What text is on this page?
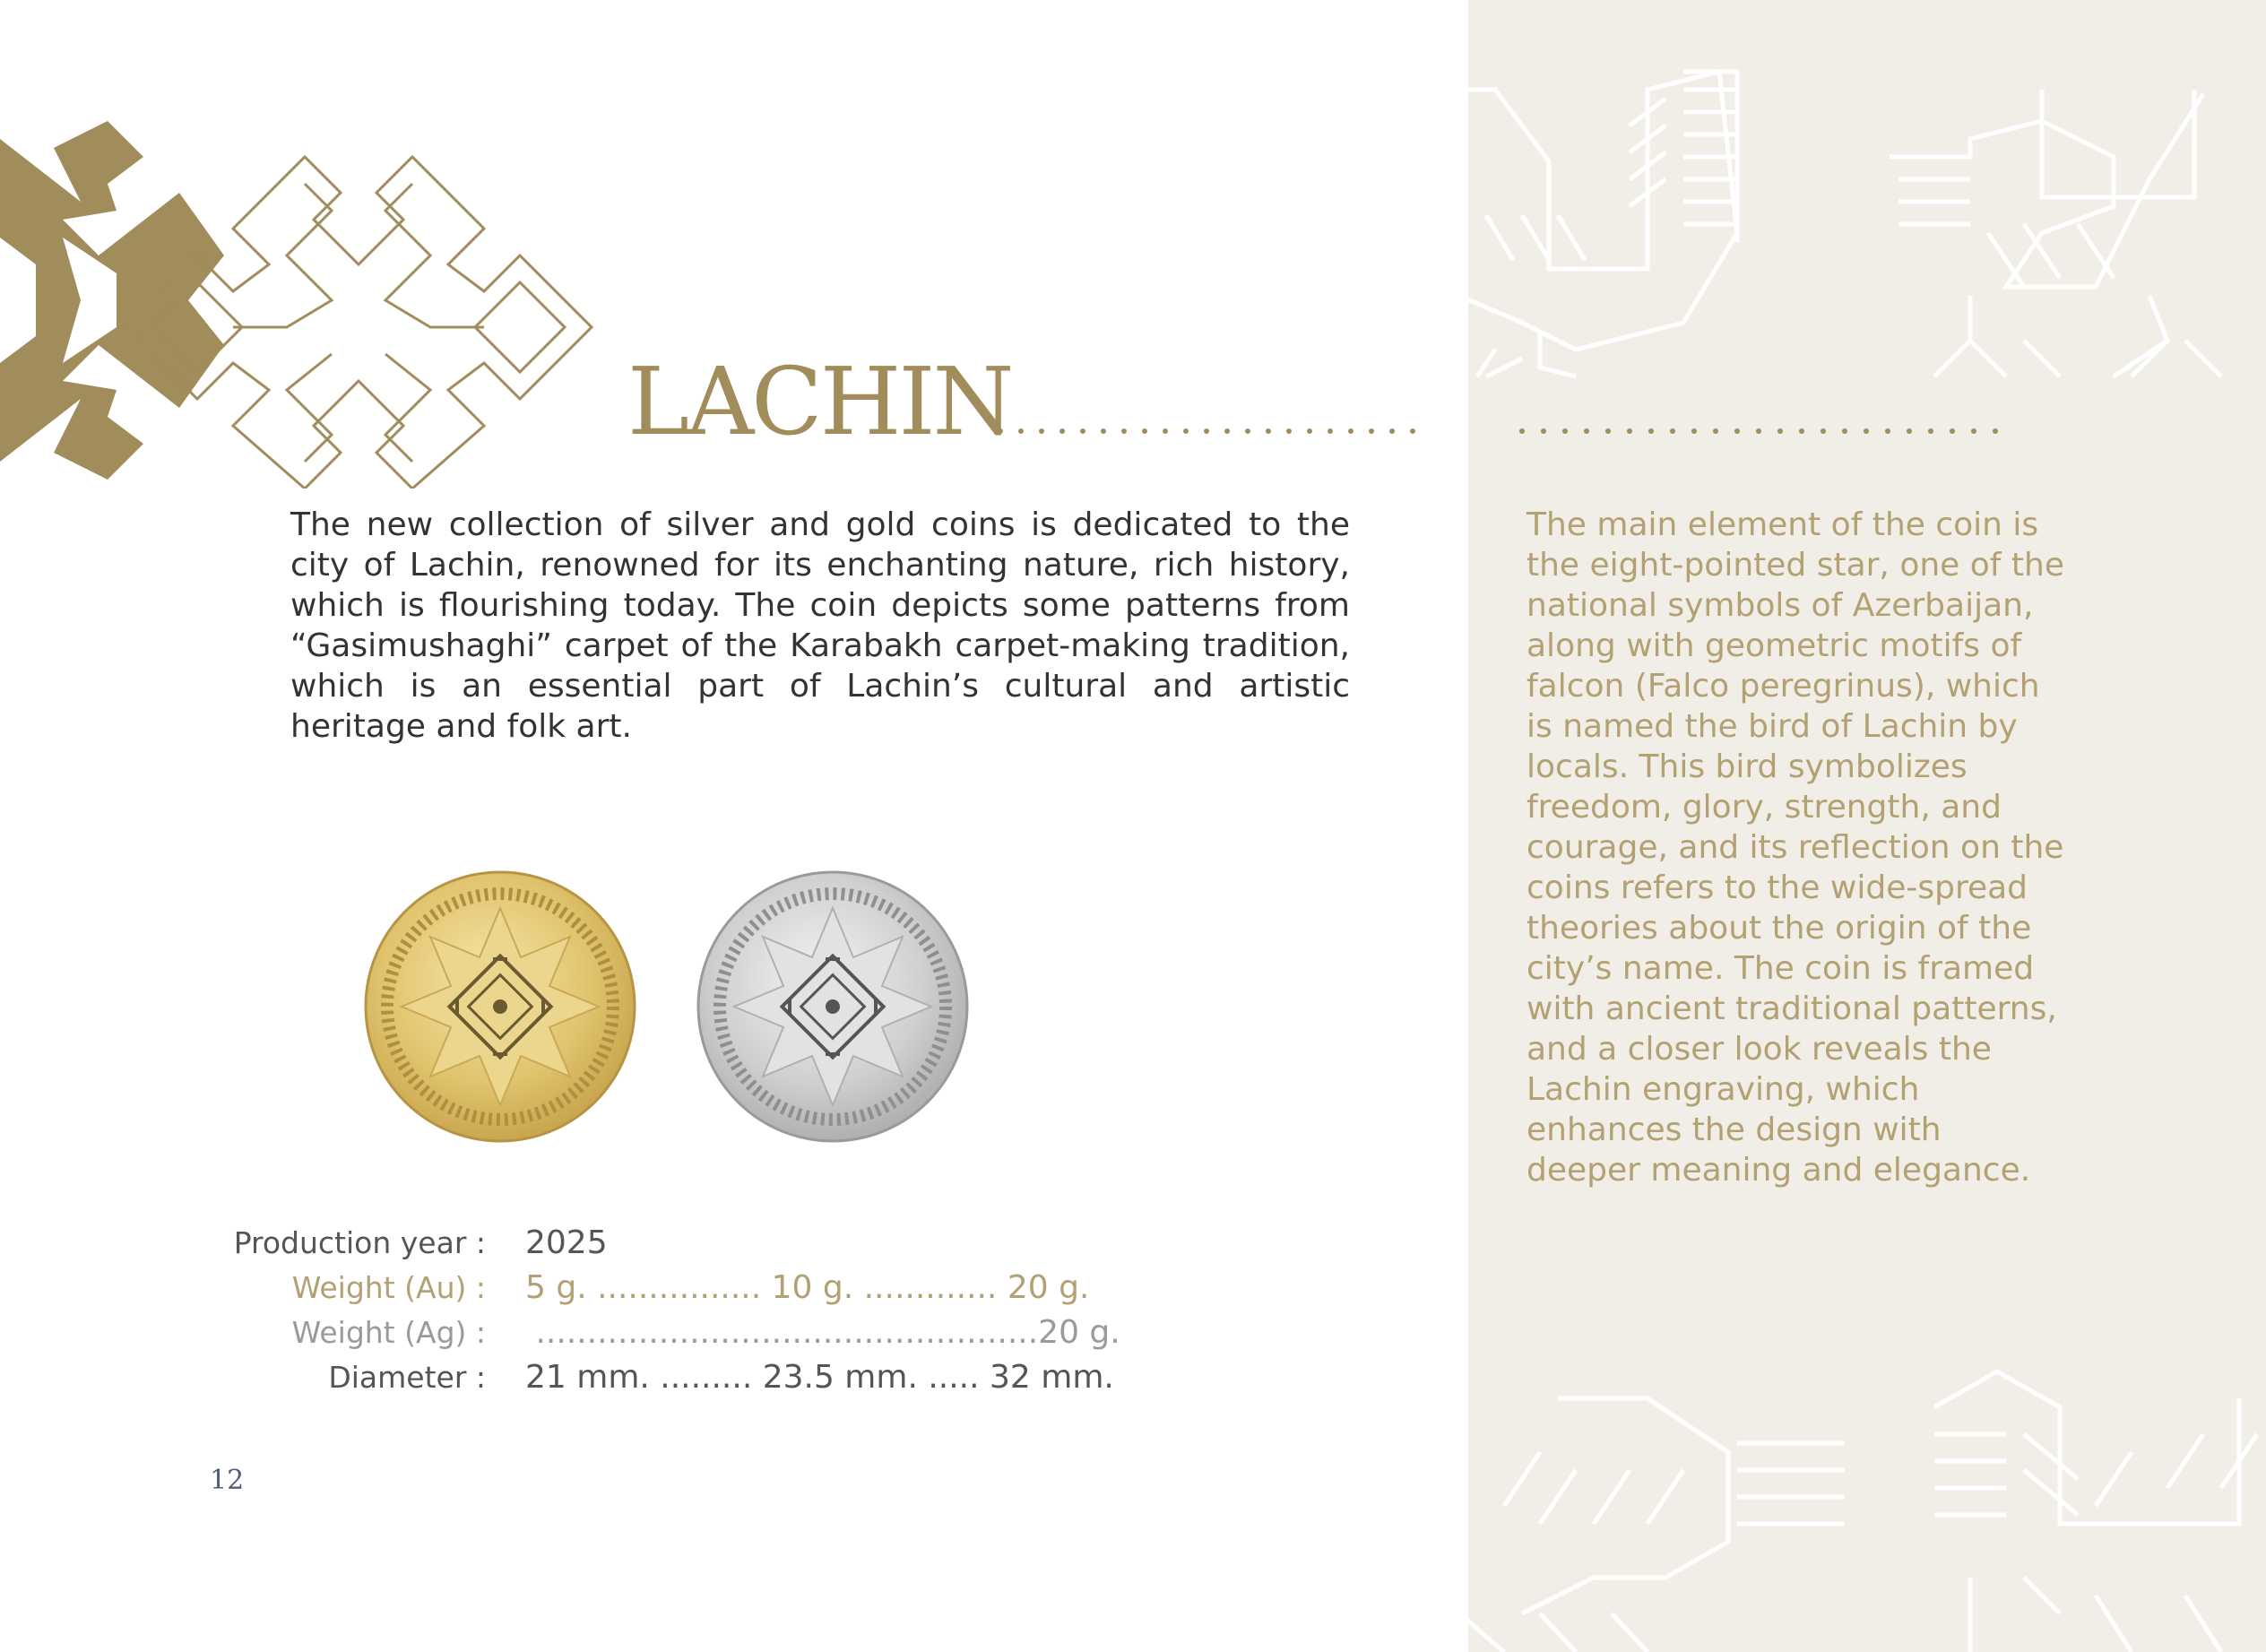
LACHIN

The new collection of silver and gold coins is dedicated to the city of Lachin, renowned for its enchanting nature, rich history, which is flourishing today. The coin depicts some patterns from “Gasimushaghi” carpet of the Karabakh carpet-making tradition, which is an essential part of Lachin’s cultural and artistic heritage and folk art.

The main element of the coin is the eight-pointed star, one of the national symbols of Azerbaijan, along with geometric motifs of falcon (Falco peregrinus), which is named the bird of Lachin by locals. This bird symbolizes freedom, glory, strength, and courage, and its reflection on the coins refers to the wide-spread theories about the origin of the city’s name. The coin is framed with ancient traditional patterns, and a closer look reveals the Lachin engraving, which enhances the design with deeper meaning and elegance.

Production year : 2025
Weight (Au) : 5 g. ................ 10 g. ............. 20 g.
Weight (Ag) : .................................................20 g.
Diameter : 21 mm. ......... 23.5 mm. ..... 32 mm.
12
